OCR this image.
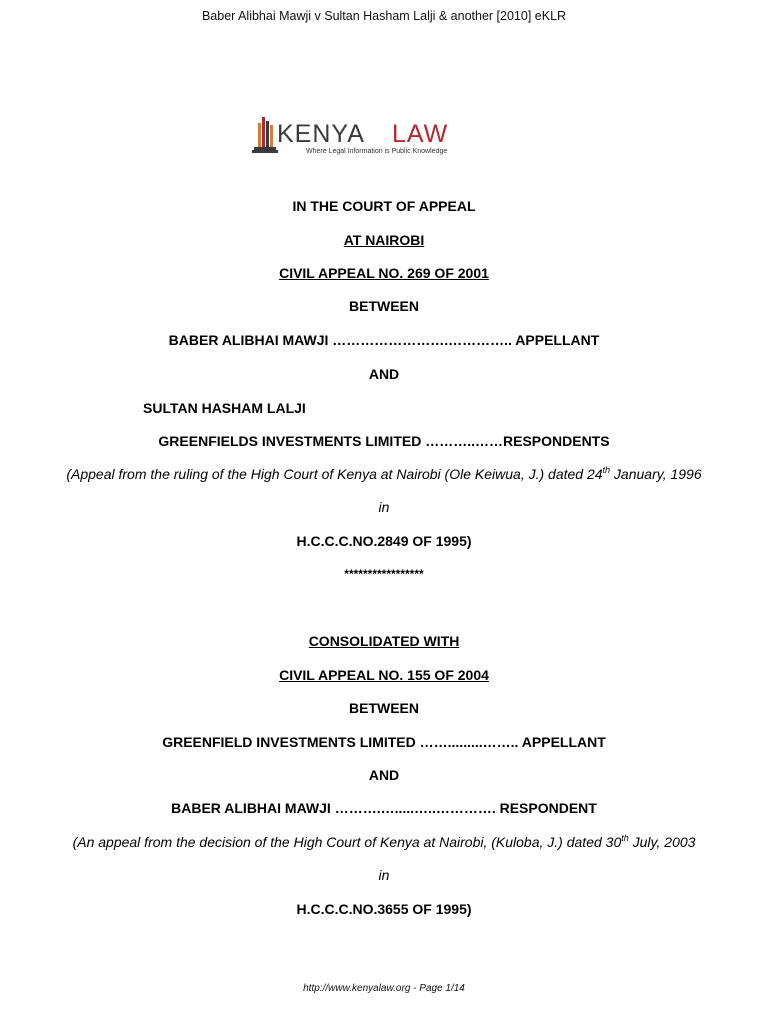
Baber Alibhai Mawji v Sultan Hasham Lalji & another [2010] eKLR
KENYA LAW
Where Legal Information is Public Knowledge
IN THE COURT OF APPEAL
AT NAIROBI
CIVIL APPEAL NO. 269 OF 2001
BETWEEN
BABER ALIBHAI MAWJI …………………….………….. APPELLANT
AND
SULTAN HASHAM LALJI
GREENFIELDS INVESTMENTS LIMITED ………..……RESPONDENTS
(Appeal from the ruling of the High Court of Kenya at Nairobi (Ole Keiwua, J.) dated 24th January, 1996
in
H.C.C.C.NO.2849 OF 1995)
*****************
CONSOLIDATED WITH
CIVIL APPEAL NO. 155 OF 2004
BETWEEN
GREENFIELD INVESTMENTS LIMITED …….........…….. APPELLANT
AND
BABER ALIBHAI MAWJI ……….….....…..…………. RESPONDENT
(An appeal from the decision of the High Court of Kenya at Nairobi, (Kuloba, J.) dated 30th July, 2003
in
H.C.C.C.NO.3655 OF 1995)
http://www.kenyalaw.org - Page 1/14
